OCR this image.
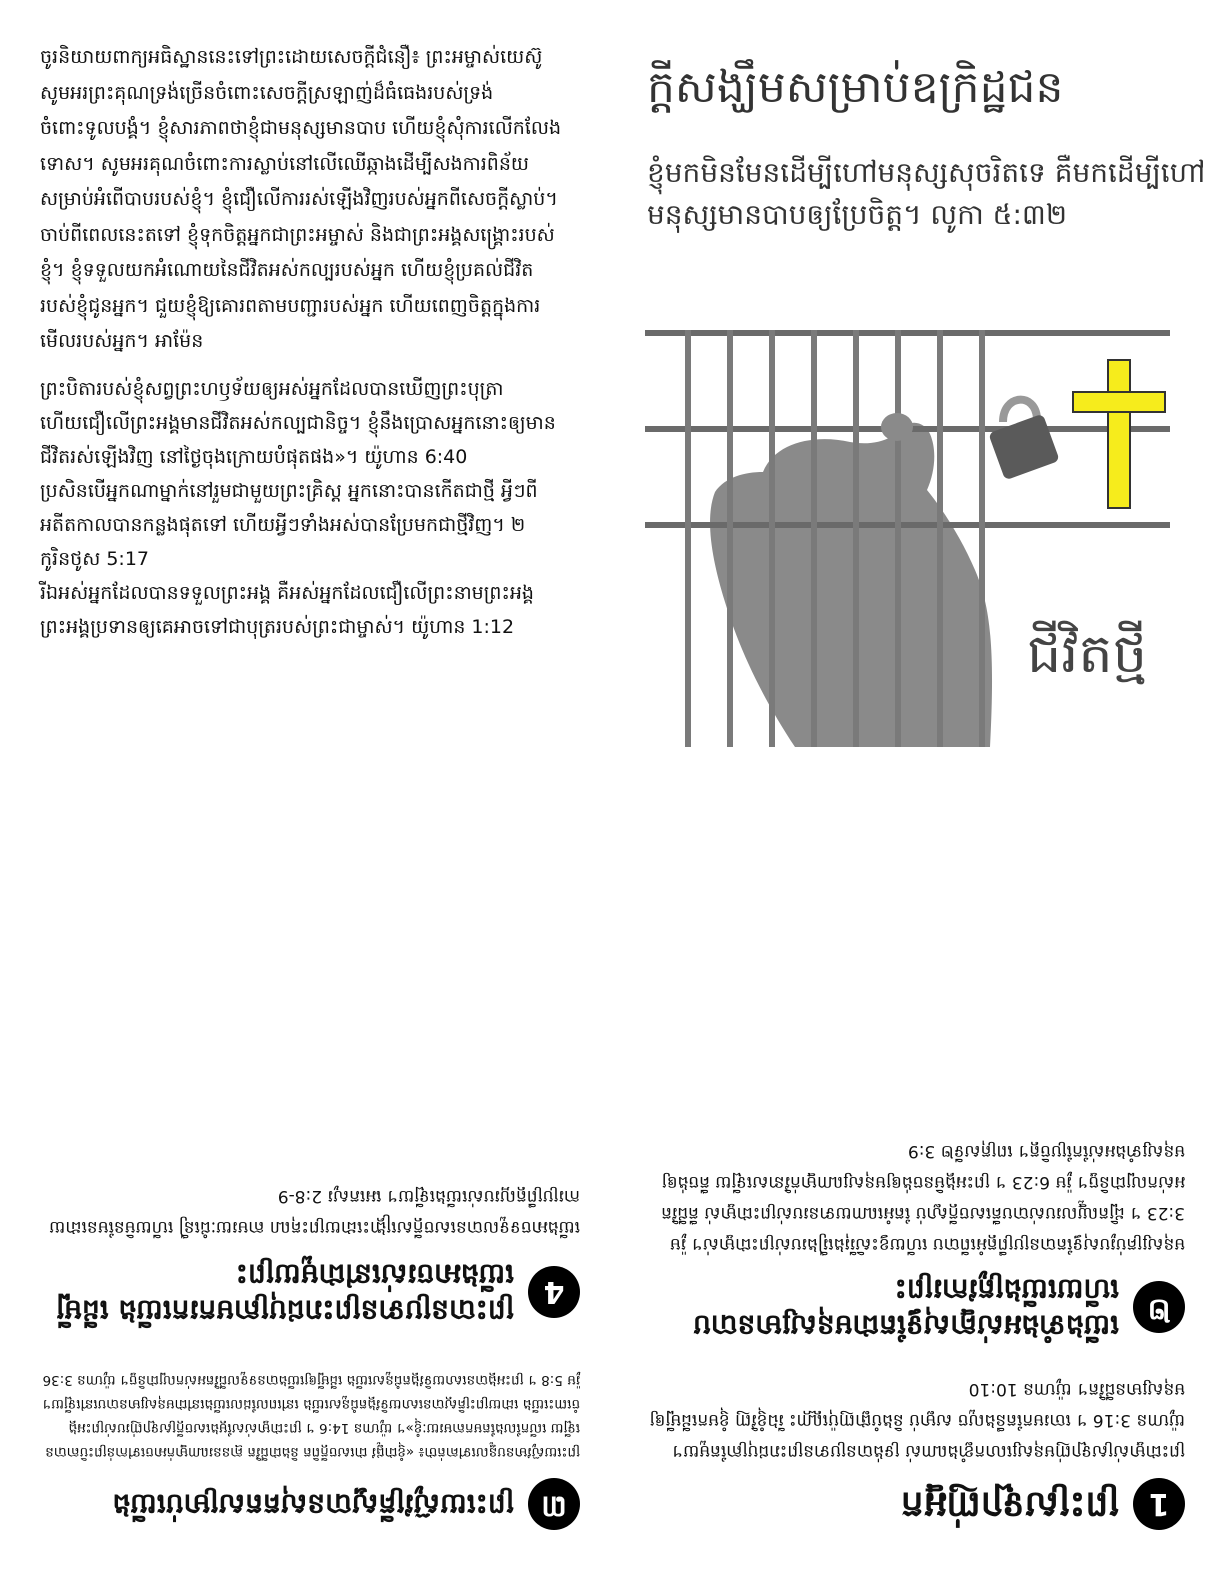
ចូរនិយាយពាក្យអធិស្ឋាននេះទៅព្រះដោយសេចក្ដីជំនឿ៖ ព្រះអម្ចាស់យេស៊ូ សូមអរព្រះគុណទ្រង់ច្រើនចំពោះសេចក្ដីស្រឡាញ់ដ៏ធំធេងរបស់ទ្រង់ចំពោះទូលបង្គំ។ ខ្ញុំសារភាពថាខ្ញុំជាមនុស្សមានបាប ហើយខ្ញុំសុំការលើកលែងទោស។ សូមអរគុណចំពោះការស្លាប់នៅលើឈើឆ្កាងដើម្បីសងការពិន័យសម្រាប់អំពើបាបរបស់ខ្ញុំ។ ខ្ញុំជឿលើការរស់ឡើងវិញរបស់អ្នកពីសេចក្ដីស្លាប់។ ចាប់ពីពេលនេះតទៅ ខ្ញុំទុកចិត្តអ្នកជាព្រះអម្ចាស់ និងជាព្រះអង្គសង្គ្រោះរបស់ខ្ញុំ។ ខ្ញុំទទួលយកអំណោយនៃជីវិតអស់កល្បរបស់អ្នក ហើយខ្ញុំប្រគល់ជីវិតរបស់ខ្ញុំជូនអ្នក។ ជួយខ្ញុំឱ្យគោរពតាមបញ្ជារបស់អ្នក ហើយពេញចិត្តក្នុងការមើលរបស់អ្នក។ អាម៉ែន

ព្រះបិតារបស់ខ្ញុំសព្វព្រះហឫទ័យឲ្យអស់អ្នកដែលបានឃើញព្រះបុត្រា ហើយជឿលើព្រះអង្គមានជីវិតអស់កល្បជានិច្ច។ ខ្ញុំនឹងប្រោសអ្នកនោះឲ្យមានជីវិតរស់ឡើងវិញ នៅថ្ងៃចុងក្រោយបំផុតផង»។ យ៉ូហាន 6:40

ប្រសិនបើអ្នកណាម្នាក់នៅរួមជាមួយព្រះគ្រិស្ដ អ្នកនោះបានកើតជាថ្មី អ្វីៗពីអតីតកាលបានកន្លងផុតទៅ ហើយអ្វីៗទាំងអស់បានប្រែមកជាថ្មីវិញ។ ២ កូរិនថូស 5:17

រីឯអស់អ្នកដែលបានទទួលព្រះអង្គ គឺអស់អ្នកដែលជឿលើព្រះនាមព្រះអង្គ ព្រះអង្គប្រទានឲ្យគេអាចទៅជាបុត្ររបស់ព្រះជាម្ចាស់។ យ៉ូហាន 1:12

ក្តីសង្ឃឹមសម្រាប់ឧក្រិដ្ឋជន
ខ្ញុំមកមិនមែនដើម្បីហៅមនុស្សសុចរិតទេ គឺមកដើម្បីហៅមនុស្សមានបាបឲ្យប្រែចិត្ត។ លូកា ៥:៣២
ជីវិតថ្មី
៣
ព្រះយេស៊ូវគ្រីស្ទបានសុគតសម្រាប់យើង
ព្រះយេស៊ូវមានបន្ទូលទៅគាត់ថា៖ «ខ្ញុំជាផ្លូវ ជាសេចក្ដីពិត និងជាជីវិត គ្មាននរណាម្នាក់អាចទៅកាន់ព្រះបិតាបានឡើយ លើកលែងតែមកតាមរយៈខ្ញុំ»។ យ៉ូហាន 14:6 ។ ព្រះជាម្ចាស់សម្ដែងសេចក្ដីស្រឡាញ់របស់ព្រះអង្គចំពោះយើង ដោយព្រះគ្រិស្ដបានសោយទិវង្គតជំនួសយើង នៅពេលដែលយើងនៅជាមនុស្សមានបាបនៅឡើយ។ រ៉ូម 5:8 ។ ព្រះអង្គបានសោយទិវង្គតជំនួសយើង ដើម្បីឲ្យយើងបានទទួលជីវិតអស់កល្បជានិច្ច។ យ៉ូហាន 3:36
4
ព្រះបានប្រទានព្រះរាជបុត្រាមករកយើង ដើម្បីយើងអាចរស់នៅជាមួយព្រះ
យើងអាចទទួលបានសេចក្ដីសង្គ្រោះដោយព្រះគុណ តាមរយៈជំនឿ ហើយមិនមែនដោយការប្រព្រឹត្តល្អរបស់យើងឡើយ។ អេភេសូរ 2:8-9
1
ព្រះស្រឡាញ់អ្នក
ព្រះជាម្ចាស់ស្រឡាញ់មនុស្សលោកខ្លាំងណាស់ ទ្រង់បានប្រទានព្រះរាជបុត្រាតែមួយ។ យ៉ូហាន 3:16 ។ ចោរមកតែនឹងលួច សម្លាប់ និងបំផ្លាញប៉ុណ្ណោះ រីឯខ្ញុំវិញ ខ្ញុំមកដើម្បីឲ្យមនុស្សមានជីវិត។ យ៉ូហាន 10:10
២
យើងទាំងអស់គ្នាសុទ្ធតែជាមនុស្សមានបាប ហើយយើងត្រូវការព្រះ
មនុស្សគ្រប់រូបសុទ្ធតែបានប្រព្រឹត្តអំពើបាប ហើយខ្វះសិរីរុងរឿងរបស់ព្រះជាម្ចាស់។ រ៉ូម 3:23 ។ ដ្បិតឈ្នួលរបស់បាបគឺសេចក្ដីស្លាប់ តែអំណោយទានរបស់ព្រះជាម្ចាស់ គឺជីវិតអស់កល្បជានិច្ច។ រ៉ូម 6:23 ។ ព្រះអង្គមិនចង់ឲ្យមនុស្សណាម្នាក់វិនាសឡើយ គឺចង់ឲ្យមនុស្សទាំងអស់កែប្រែចិត្ត។ ពេត្រុសទី២ 3:9
